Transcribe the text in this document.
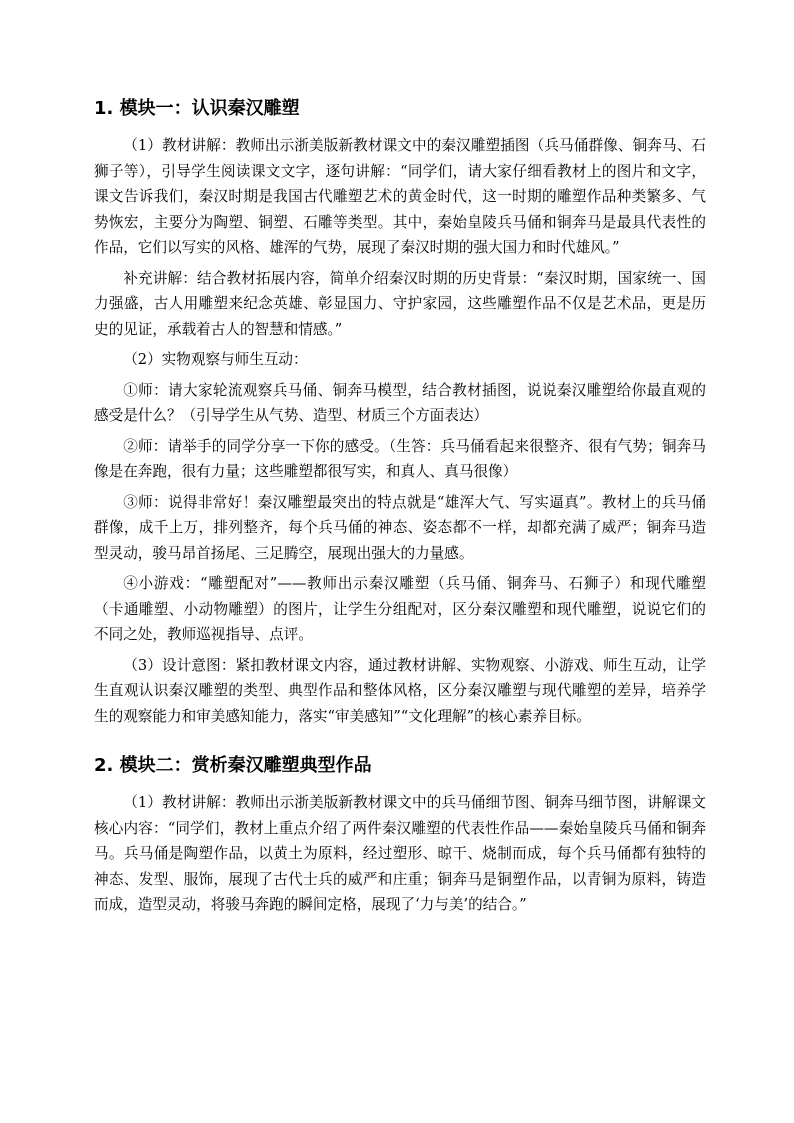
1. 模块一：认识秦汉雕塑

（1）教材讲解：教师出示浙美版新教材课文中的秦汉雕塑插图（兵马俑群像、铜奔马、石狮子等），引导学生阅读课文文字，逐句讲解：“同学们，请大家仔细看教材上的图片和文字，课文告诉我们，秦汉时期是我国古代雕塑艺术的黄金时代，这一时期的雕塑作品种类繁多、气势恢宏，主要分为陶塑、铜塑、石雕等类型。其中，秦始皇陵兵马俑和铜奔马是最具代表性的作品，它们以写实的风格、雄浑的气势，展现了秦汉时期的强大国力和时代雄风。”

补充讲解：结合教材拓展内容，简单介绍秦汉时期的历史背景：“秦汉时期，国家统一、国力强盛，古人用雕塑来纪念英雄、彰显国力、守护家园，这些雕塑作品不仅是艺术品，更是历史的见证，承载着古人的智慧和情感。”

（2）实物观察与师生互动：

①师：请大家轮流观察兵马俑、铜奔马模型，结合教材插图，说说秦汉雕塑给你最直观的感受是什么？（引导学生从气势、造型、材质三个方面表达）

②师：请举手的同学分享一下你的感受。（生答：兵马俑看起来很整齐、很有气势；铜奔马像是在奔跑，很有力量；这些雕塑都很写实，和真人、真马很像）

③师：说得非常好！秦汉雕塑最突出的特点就是“雄浑大气、写实逼真”。教材上的兵马俑群像，成千上万，排列整齐，每个兵马俑的神态、姿态都不一样，却都充满了威严；铜奔马造型灵动，骏马昂首扬尾、三足腾空，展现出强大的力量感。

④小游戏：“雕塑配对”——教师出示秦汉雕塑（兵马俑、铜奔马、石狮子）和现代雕塑（卡通雕塑、小动物雕塑）的图片，让学生分组配对，区分秦汉雕塑和现代雕塑，说说它们的不同之处，教师巡视指导、点评。

（3）设计意图：紧扣教材课文内容，通过教材讲解、实物观察、小游戏、师生互动，让学生直观认识秦汉雕塑的类型、典型作品和整体风格，区分秦汉雕塑与现代雕塑的差异，培养学生的观察能力和审美感知能力，落实“审美感知”“文化理解”的核心素养目标。

2. 模块二：赏析秦汉雕塑典型作品

（1）教材讲解：教师出示浙美版新教材课文中的兵马俑细节图、铜奔马细节图，讲解课文核心内容：“同学们，教材上重点介绍了两件秦汉雕塑的代表性作品——秦始皇陵兵马俑和铜奔马。兵马俑是陶塑作品，以黄土为原料，经过塑形、晾干、烧制而成，每个兵马俑都有独特的神态、发型、服饰，展现了古代士兵的威严和庄重；铜奔马是铜塑作品，以青铜为原料，铸造而成，造型灵动，将骏马奔跑的瞬间定格，展现了‘力与美’的结合。”
